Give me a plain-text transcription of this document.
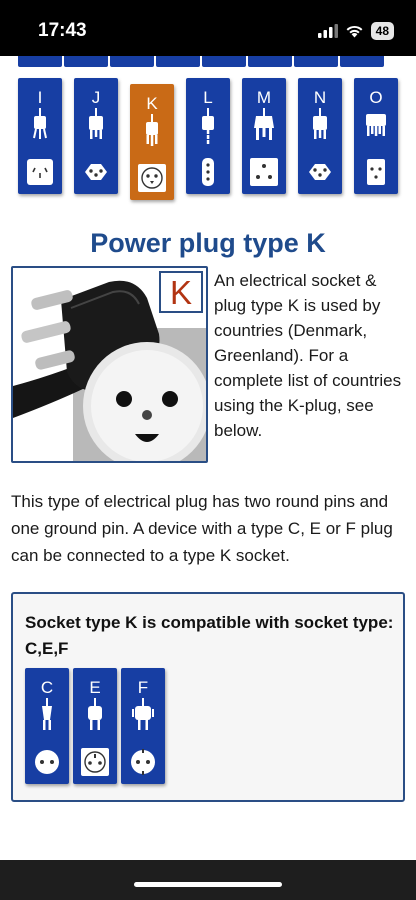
17:43	48
I	J	K	L	M	N	O
Power plug type K
K	An electrical socket & plug type K is used by countries (Denmark, Greenland). For a complete list of countries using the K-plug, see below.

This type of electrical plug has two round pins and one ground pin. A device with a type C, E or F plug can be connected to a type K socket.

Socket type K is compatible with socket type: C,E,F
C	E	F
